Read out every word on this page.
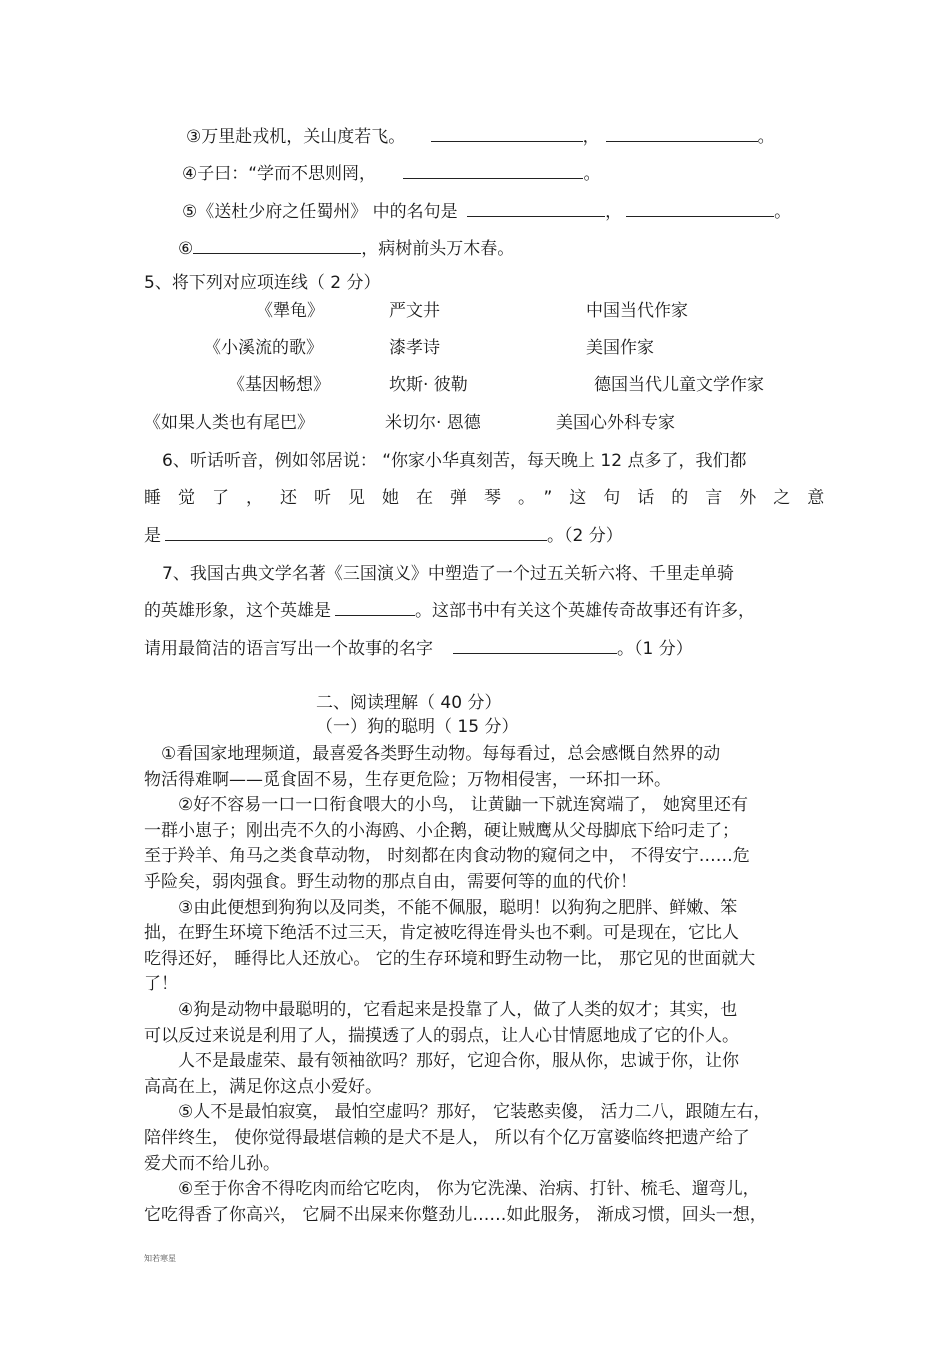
③万里赴戎机，关山度若飞。	，	。
④子曰：“学而不思则罔，	。
⑤《送杜少府之任蜀州》 中的名句是	，	。
⑥	，病树前头万木春。
5、将下列对应项连线（ 2 分）
《犟龟》	严文井	中国当代作家
《小溪流的歌》	漆孝诗	美国作家
《基因畅想》	坎斯· 彼勒	德国当代儿童文学作家
《如果人类也有尾巴》	米切尔· 恩德	美国心外科专家
6、听话听音，例如邻居说： “你家小华真刻苦，每天晚上 12 点多了，我们都
睡觉了，还听见她在弹琴。”这句话的言外之意
是	。（2 分）
7、我国古典文学名著《三国演义》中塑造了一个过五关斩六将、千里走单骑
的英雄形象，这个英雄是	。这部书中有关这个英雄传奇故事还有许多，
请用最简洁的语言写出一个故事的名字	。（1 分）
二、阅读理解（ 40 分）
（一）狗的聪明（ 15 分）

　①看国家地理频道，最喜爱各类野生动物。每每看过，总会感慨自然界的动

物活得难啊——觅食固不易，生存更危险；万物相侵害，一环扣一环。

　　②好不容易一口一口衔食喂大的小鸟， 让黄鼬一下就连窝端了， 她窝里还有

一群小崽子；刚出壳不久的小海鸥、小企鹅，硬让贼鹰从父母脚底下给叼走了；

至于羚羊、角马之类食草动物， 时刻都在肉食动物的窥伺之中， 不得安宁……危

乎险矣，弱肉强食。野生动物的那点自由，需要何等的血的代价！

　　③由此便想到狗狗以及同类，不能不佩服，聪明！以狗狗之肥胖、鲜嫩、笨

拙，在野生环境下绝活不过三天，肯定被吃得连骨头也不剩。可是现在，它比人

吃得还好， 睡得比人还放心。 它的生存环境和野生动物一比， 那它见的世面就大

了！

　　④狗是动物中最聪明的，它看起来是投靠了人，做了人类的奴才；其实，也

可以反过来说是利用了人，揣摸透了人的弱点，让人心甘情愿地成了它的仆人。

　　人不是最虚荣、最有领袖欲吗？那好，它迎合你，服从你，忠诚于你，让你

高高在上，满足你这点小爱好。

　　⑤人不是最怕寂寞， 最怕空虚吗？那好， 它装憨卖傻， 活力二八，跟随左右，

陪伴终生， 使你觉得最堪信赖的是犬不是人， 所以有个亿万富婆临终把遗产给了

爱犬而不给儿孙。

　　⑥至于你舍不得吃肉而给它吃肉， 你为它洗澡、治病、打针、梳毛、遛弯儿，

它吃得香了你高兴， 它屙不出屎来你蹩劲儿……如此服务， 渐成习惯，回头一想，

知若寒星
